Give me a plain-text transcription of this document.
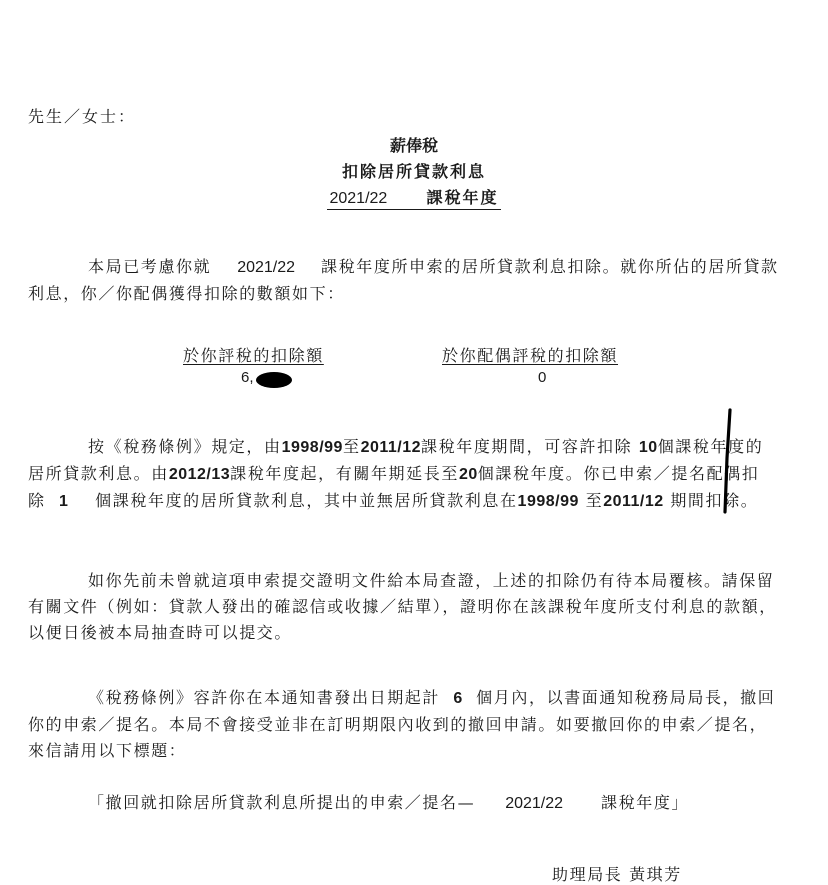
先生／女士：
薪俸稅
扣除居所貸款利息
2021/22 課稅年度
本局已考慮你就 2021/22 課稅年度所申索的居所貸款利息扣除。就你所佔的居所貸款利息，你／你配偶獲得扣除的數額如下：
於你評稅的扣除額	於你配偶評稅的扣除額
6,	0
按《稅務條例》規定，由1998/99至2011/12課稅年度期間，可容許扣除 10個課稅年度的居所貸款利息。由2012/13課稅年度起，有關年期延長至20個課稅年度。你已申索／提名配偶扣除 1 個課稅年度的居所貸款利息，其中並無居所貸款利息在1998/99 至2011/12 期間扣除。
如你先前未曾就這項申索提交證明文件給本局查證，上述的扣除仍有待本局覆核。請保留有關文件（例如：貸款人發出的確認信或收據／結單），證明你在該課稅年度所支付利息的款額，以便日後被本局抽查時可以提交。
《稅務條例》容許你在本通知書發出日期起計 6 個月內，以書面通知稅務局局長，撤回你的申索／提名。本局不會接受並非在訂明期限內收到的撤回申請。如要撤回你的申索／提名，來信請用以下標題：
「撤回就扣除居所貸款利息所提出的申索／提名— 2021/22 課稅年度」
助理局長 黃琪芳
